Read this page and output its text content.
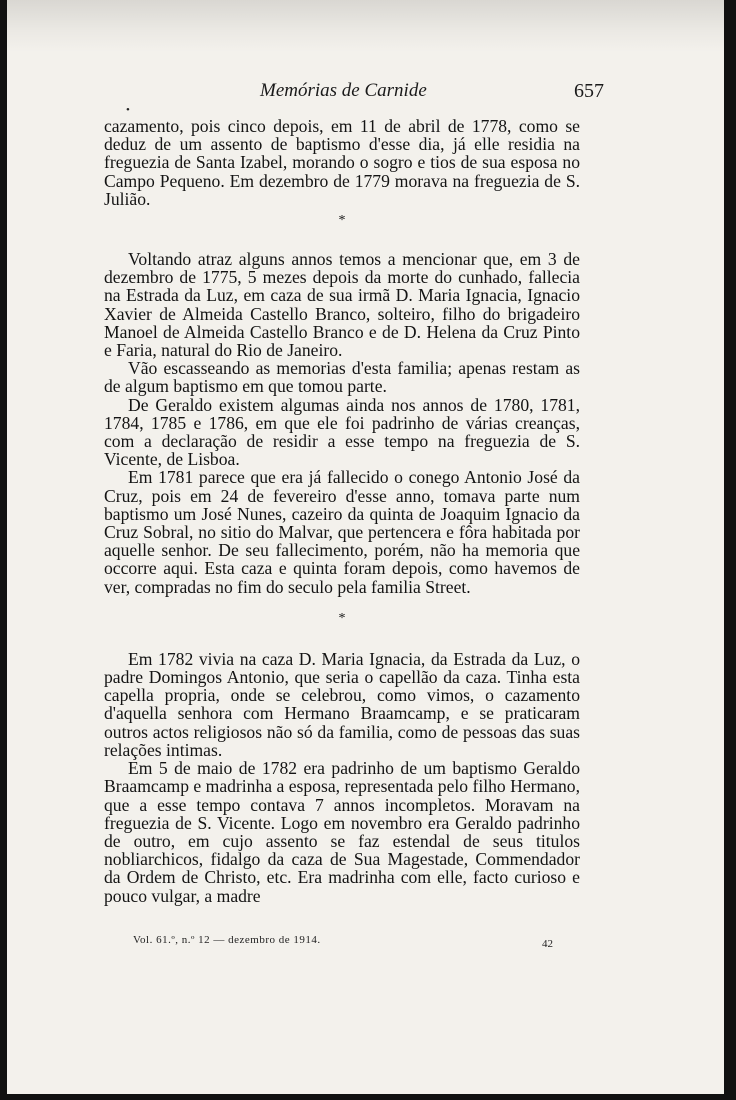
Memórias de Carnide	657
•

cazamento, pois cinco depois, em 11 de abril de 1778, como se deduz de um assento de baptismo d'esse dia, já elle residia na freguezia de Santa Izabel, morando o sogro e tios de sua esposa no Campo Pequeno. Em dezembro de 1779 morava na freguezia de S. Julião.

*

Voltando atraz alguns annos temos a mencionar que, em 3 de dezembro de 1775, 5 mezes depois da morte do cunhado, fallecia na Estrada da Luz, em caza de sua irmã D. Maria Ignacia, Ignacio Xavier de Almeida Castello Branco, solteiro, filho do brigadeiro Manoel de Almeida Castello Branco e de D. Helena da Cruz Pinto e Faria, natural do Rio de Janeiro.

Vão escasseando as memorias d'esta familia; apenas restam as de algum baptismo em que tomou parte.

De Geraldo existem algumas ainda nos annos de 1780, 1781, 1784, 1785 e 1786, em que ele foi padrinho de várias creanças, com a declaração de residir a esse tempo na freguezia de S. Vicente, de Lisboa.

Em 1781 parece que era já fallecido o conego Antonio José da Cruz, pois em 24 de fevereiro d'esse anno, tomava parte num baptismo um José Nunes, cazeiro da quinta de Joaquim Ignacio da Cruz Sobral, no sitio do Malvar, que pertencera e fôra habitada por aquelle senhor. De seu fallecimento, porém, não ha memoria que occorre aqui. Esta caza e quinta foram depois, como havemos de ver, compradas no fim do seculo pela familia Street.

*

Em 1782 vivia na caza D. Maria Ignacia, da Estrada da Luz, o padre Domingos Antonio, que seria o capellão da caza. Tinha esta capella propria, onde se celebrou, como vimos, o cazamento d'aquella senhora com Hermano Braamcamp, e se praticaram outros actos religiosos não só da familia, como de pessoas das suas relações intimas.

Em 5 de maio de 1782 era padrinho de um baptismo Geraldo Braamcamp e madrinha a esposa, representada pelo filho Hermano, que a esse tempo contava 7 annos incompletos. Moravam na freguezia de S. Vicente. Logo em novembro era Geraldo padrinho de outro, em cujo assento se faz estendal de seus titulos nobliarchicos, fidalgo da caza de Sua Magestade, Commendador da Ordem de Christo, etc. Era madrinha com elle, facto curioso e pouco vulgar, a madre

Vol. 61.º, n.º 12 — dezembro de 1914.	42
